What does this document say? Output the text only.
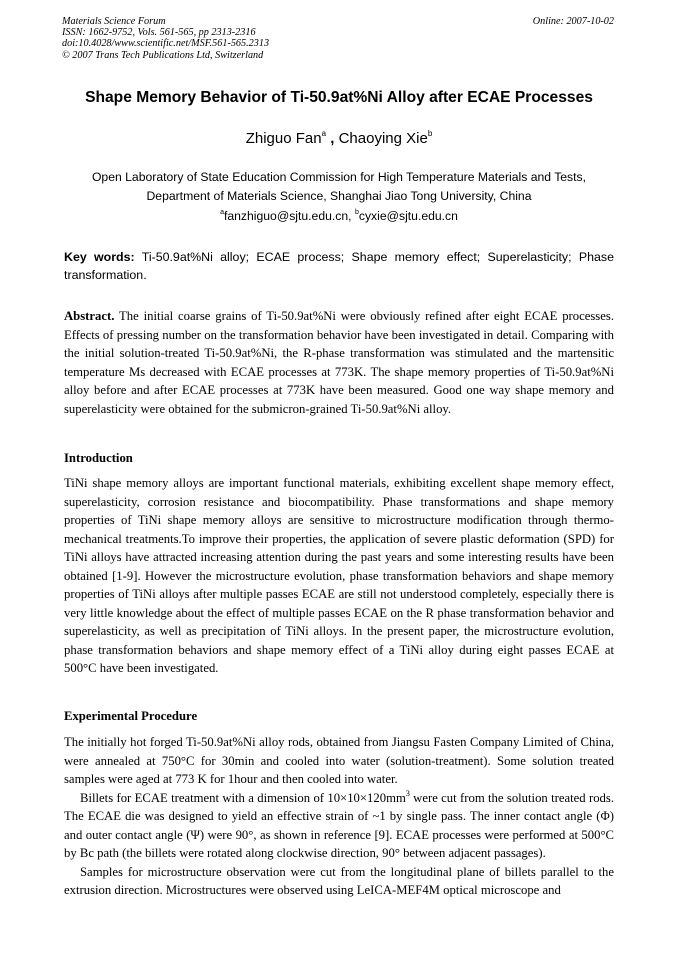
Materials Science Forum
ISSN: 1662-9752, Vols. 561-565, pp 2313-2316
doi:10.4028/www.scientific.net/MSF.561-565.2313
© 2007 Trans Tech Publications Ltd, Switzerland
Online: 2007-10-02
Shape Memory Behavior of Ti-50.9at%Ni Alloy after ECAE Processes
Zhiguo Fan$^a$ , Chaoying Xie$^b$
Open Laboratory of State Education Commission for High Temperature Materials and Tests,
Department of Materials Science, Shanghai Jiao Tong University, China
$^a$fanzhiguo@sjtu.edu.cn, $^b$cyxie@sjtu.edu.cn
Key words: Ti-50.9at%Ni alloy; ECAE process; Shape memory effect; Superelasticity; Phase transformation.

Abstract. The initial coarse grains of Ti-50.9at%Ni were obviously refined after eight ECAE processes. Effects of pressing number on the transformation behavior have been investigated in detail. Comparing with the initial solution-treated Ti-50.9at%Ni, the R-phase transformation was stimulated and the martensitic temperature Ms decreased with ECAE processes at 773K. The shape memory properties of Ti-50.9at%Ni alloy before and after ECAE processes at 773K have been measured. Good one way shape memory and superelasticity were obtained for the submicron-grained Ti-50.9at%Ni alloy.

Introduction

TiNi shape memory alloys are important functional materials, exhibiting excellent shape memory effect, superelasticity, corrosion resistance and biocompatibility. Phase transformations and shape memory properties of TiNi shape memory alloys are sensitive to microstructure modification through thermo-mechanical treatments.To improve their properties, the application of severe plastic deformation (SPD) for TiNi alloys have attracted increasing attention during the past years and some interesting results have been obtained [1-9]. However the microstructure evolution, phase transformation behaviors and shape memory properties of TiNi alloys after multiple passes ECAE are still not understood completely, especially there is very little knowledge about the effect of multiple passes ECAE on the R phase transformation behavior and superelasticity, as well as precipitation of TiNi alloys. In the present paper, the microstructure evolution, phase transformation behaviors and shape memory effect of a TiNi alloy during eight passes ECAE at 500°C have been investigated.

Experimental Procedure

The initially hot forged Ti-50.9at%Ni alloy rods, obtained from Jiangsu Fasten Company Limited of China, were annealed at 750°C for 30min and cooled into water (solution-treatment). Some solution treated samples were aged at 773 K for 1hour and then cooled into water.

Billets for ECAE treatment with a dimension of $10\times 10\times 120mm^3$ were cut from the solution treated rods. The ECAE die was designed to yield an effective strain of ~1 by single pass. The inner contact angle (Φ) and outer contact angle (Ψ) were 90°, as shown in reference [9]. ECAE processes were performed at 500°C by Bc path (the billets were rotated along clockwise direction, 90° between adjacent passages).

Samples for microstructure observation were cut from the longitudinal plane of billets parallel to the extrusion direction. Microstructures were observed using LeICA-MEF4M optical microscope and
